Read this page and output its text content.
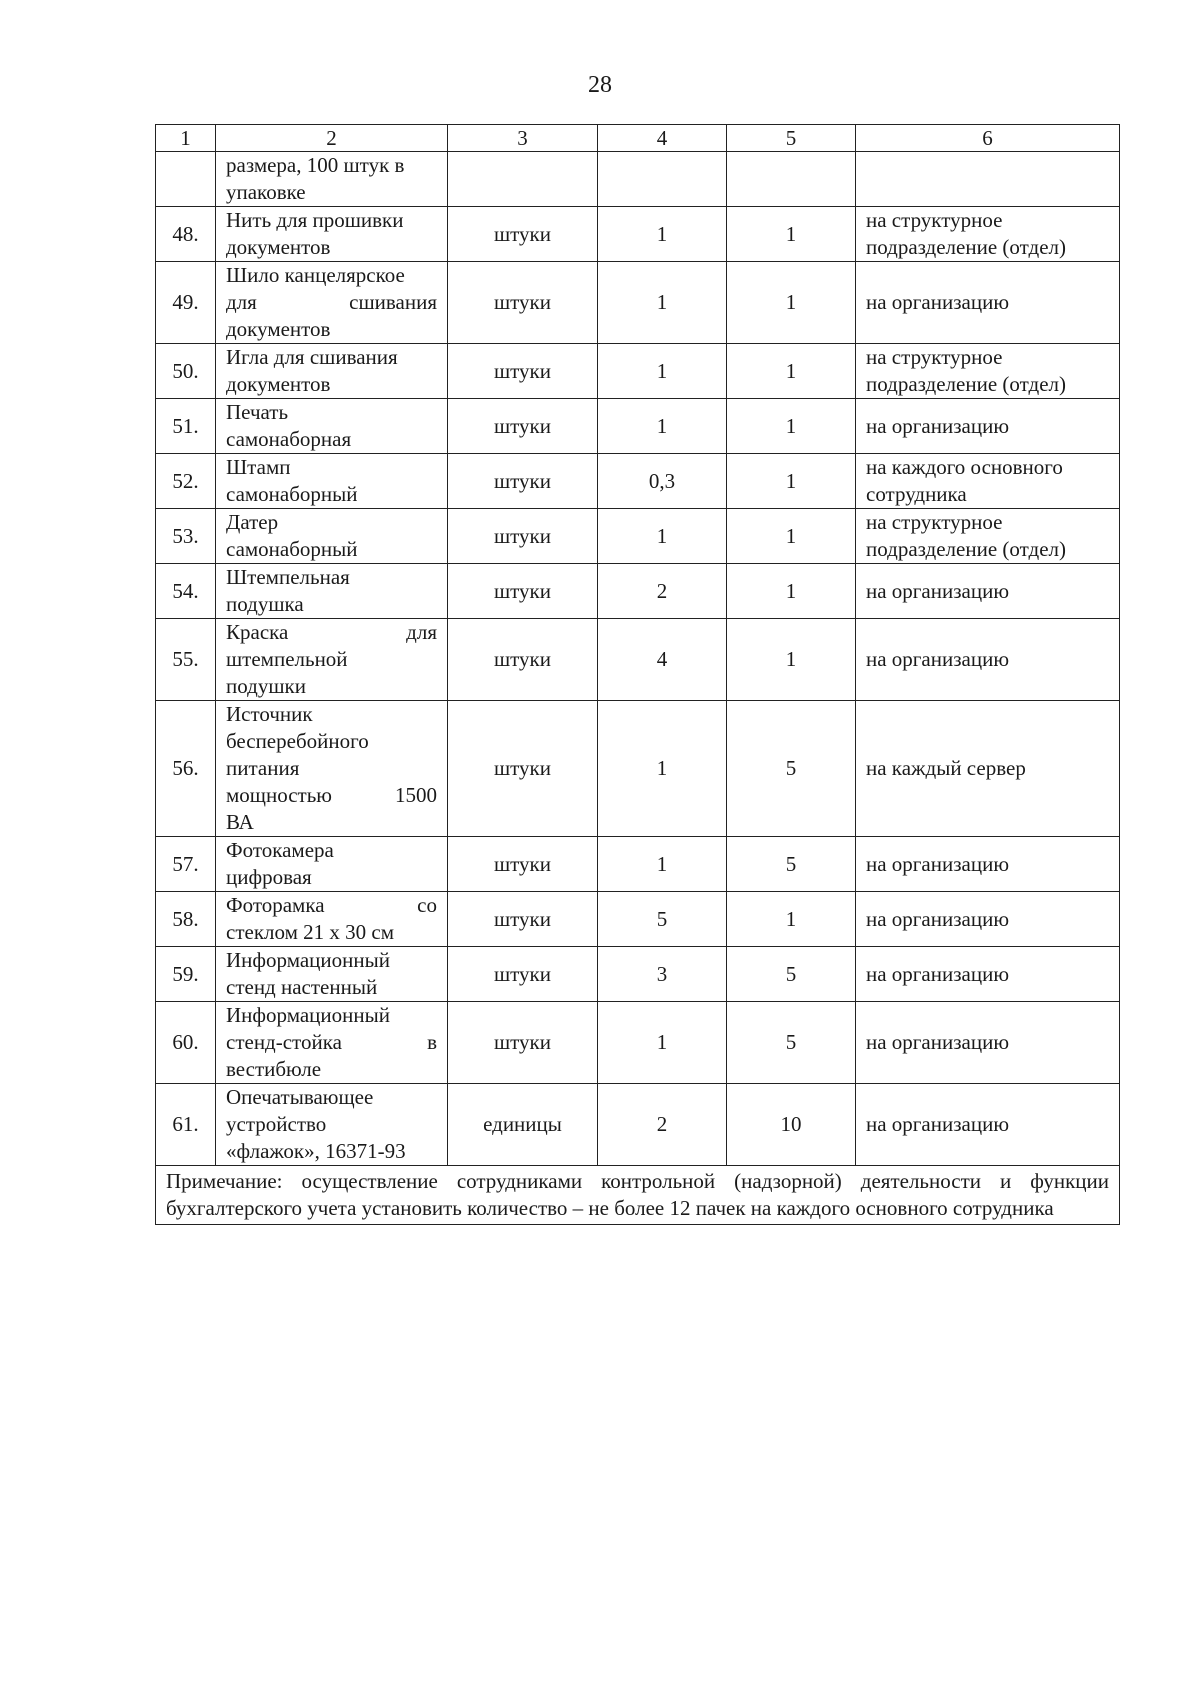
28
1	2	3	4	5	6

	размера, 100 штук в
упаковке				

48.	Нить для прошивки
документов	штуки	1	1	на структурное подразделение (отдел)
49.	Шило канцелярское
для сшивания
документов	штуки	1	1	на организацию
50.	Игла для сшивания
документов	штуки	1	1	на структурное подразделение (отдел)
51.	Печать
самонаборная	штуки	1	1	на организацию
52.	Штамп
самонаборный	штуки	0,3	1	на каждого основного сотрудника
53.	Датер
самонаборный	штуки	1	1	на структурное подразделение (отдел)
54.	Штемпельная
подушка	штуки	2	1	на организацию
55.	Краска для
штемпельной
подушки	штуки	4	1	на организацию
56.	Источник
бесперебойного
питания
мощностью 1500
ВА	штуки	1	5	на каждый сервер
57.	Фотокамера
цифровая	штуки	1	5	на организацию
58.	Фоторамка со
стеклом 21 х 30 см	штуки	5	1	на организацию
59.	Информационный
стенд настенный	штуки	3	5	на организацию
60.	Информационный
стенд-стойка в
вестибюле	штуки	1	5	на организацию
61.	Опечатывающее
устройство
«флажок», 16371-93	единицы	2	10	на организацию
Примечание: осуществление сотрудниками контрольной (надзорной) деятельности и функции бухгалтерского учета установить количество – не более 12 пачек на каждого основного сотрудника					
